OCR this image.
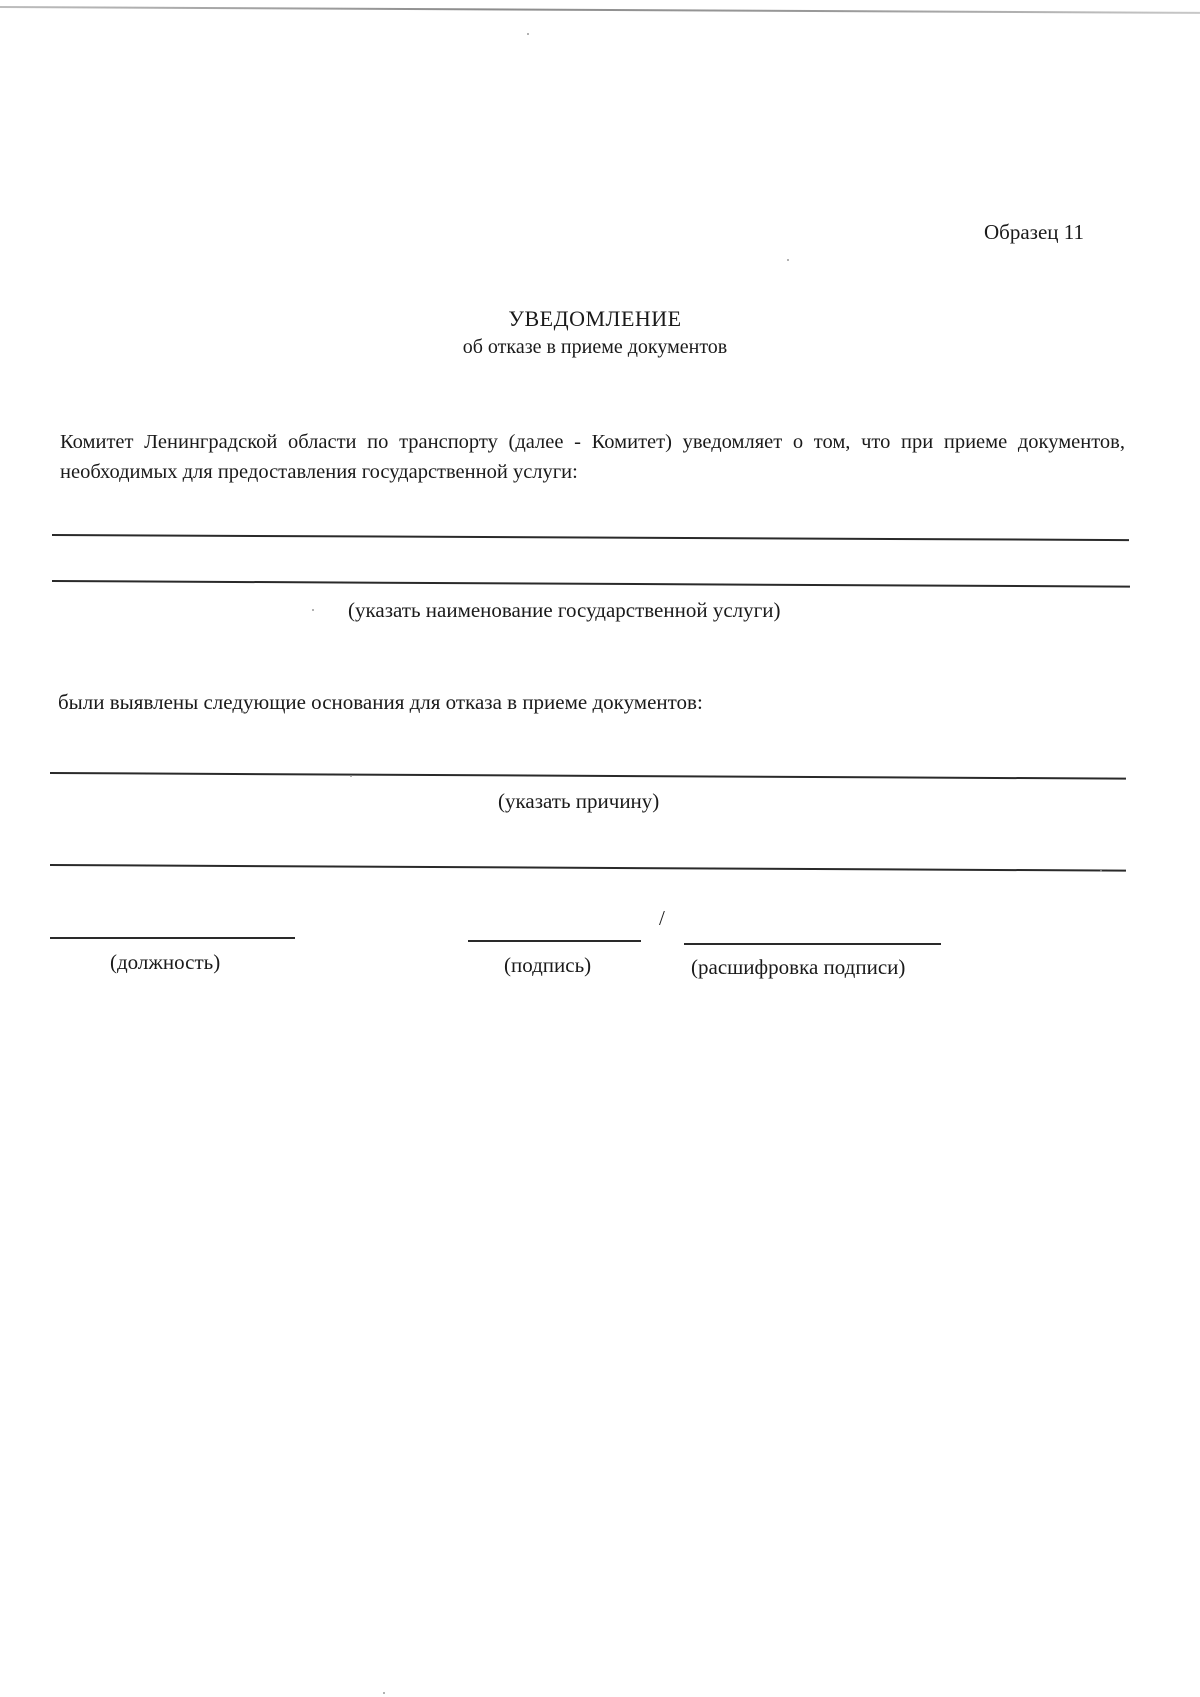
Образец 11
УВЕДОМЛЕНИЕ
об отказе в приеме документов
Комитет Ленинградской области по транспорту (далее - Комитет) уведомляет о том, что при приеме документов, необходимых для предоставления государственной услуги:
(указать наименование государственной услуги)
были выявлены следующие основания для отказа в приеме документов:
(указать причину)
/
(должность)	(подпись)	(расшифровка подписи)
